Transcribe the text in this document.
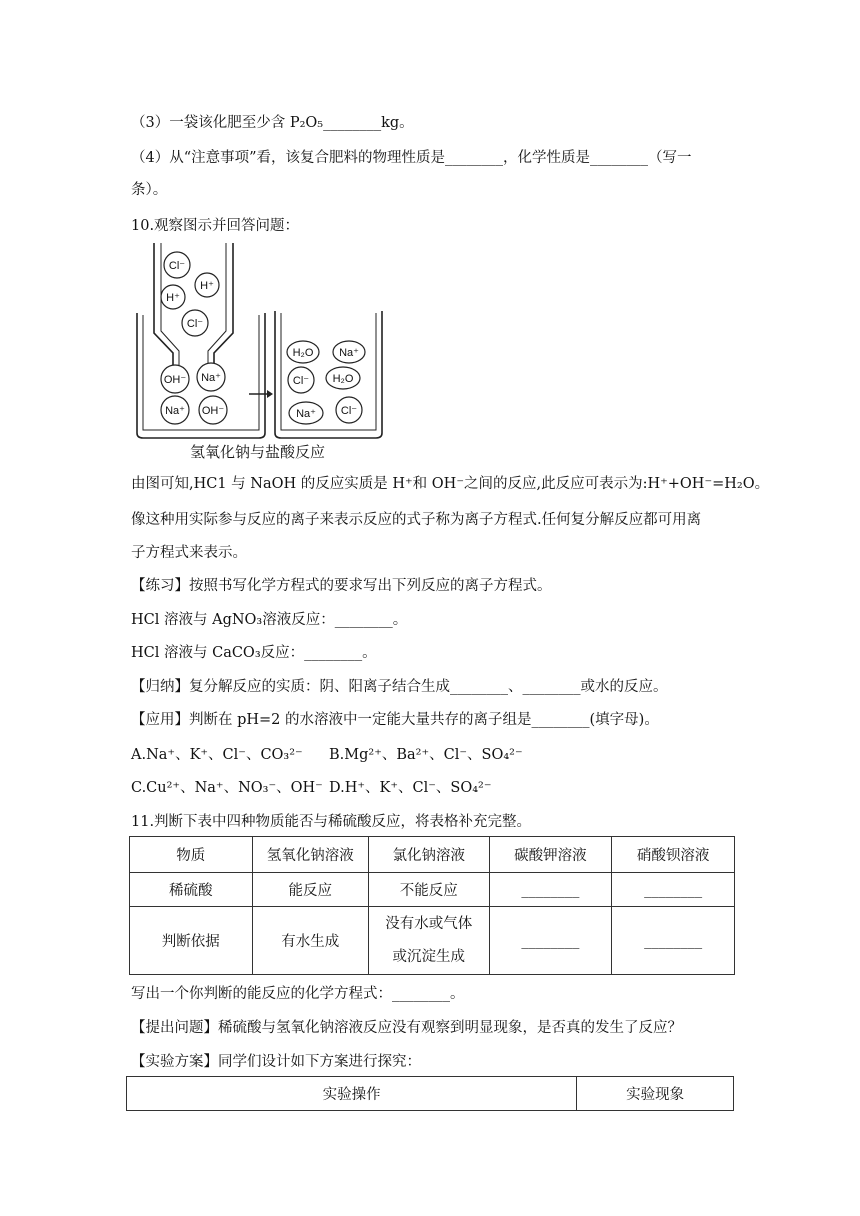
（3）一袋该化肥至少含 P₂O₅________kg。
（4）从“注意事项”看，该复合肥料的物理性质是________，化学性质是________（写一
条）。
10.观察图示并回答问题：
Cl⁻
H⁺
H⁺
Cl⁻
OH⁻ Na⁺
Na⁺ OH⁻
H₂O Na⁺
Cl⁻ H₂O
Na⁺ Cl⁻
氢氧化钠与盐酸反应
由图可知,HC1 与 NaOH 的反应实质是 H⁺和 OH⁻之间的反应,此反应可表示为:H⁺+OH⁻=H₂O。
像这种用实际参与反应的离子来表示反应的式子称为离子方程式.任何复分解反应都可用离
子方程式来表示。
【练习】按照书写化学方程式的要求写出下列反应的离子方程式。
HCl 溶液与 AgNO₃溶液反应：________。
HCl 溶液与 CaCO₃反应：________。
【归纳】复分解反应的实质：阴、阳离子结合生成________、________或水的反应。
【应用】判断在 pH=2 的水溶液中一定能大量共存的离子组是________(填字母)。
A.Na⁺、K⁺、Cl⁻、CO₃²⁻ B.Mg²⁺、Ba²⁺、Cl⁻、SO₄²⁻
C.Cu²⁺、Na⁺、NO₃⁻、OH⁻ D.H⁺、K⁺、Cl⁻、SO₄²⁻
11.判断下表中四种物质能否与稀硫酸反应，将表格补充完整。
物质	氢氧化钠溶液	氯化钠溶液	碳酸钾溶液	硝酸钡溶液
稀硫酸	能反应	不能反应	________	________
判断依据	有水生成	没有水或气体
或沉淀生成	________	________
写出一个你判断的能反应的化学方程式：________。
【提出问题】稀硫酸与氢氧化钠溶液反应没有观察到明显现象，是否真的发生了反应？
【实验方案】同学们设计如下方案进行探究：
实验操作	实验现象
